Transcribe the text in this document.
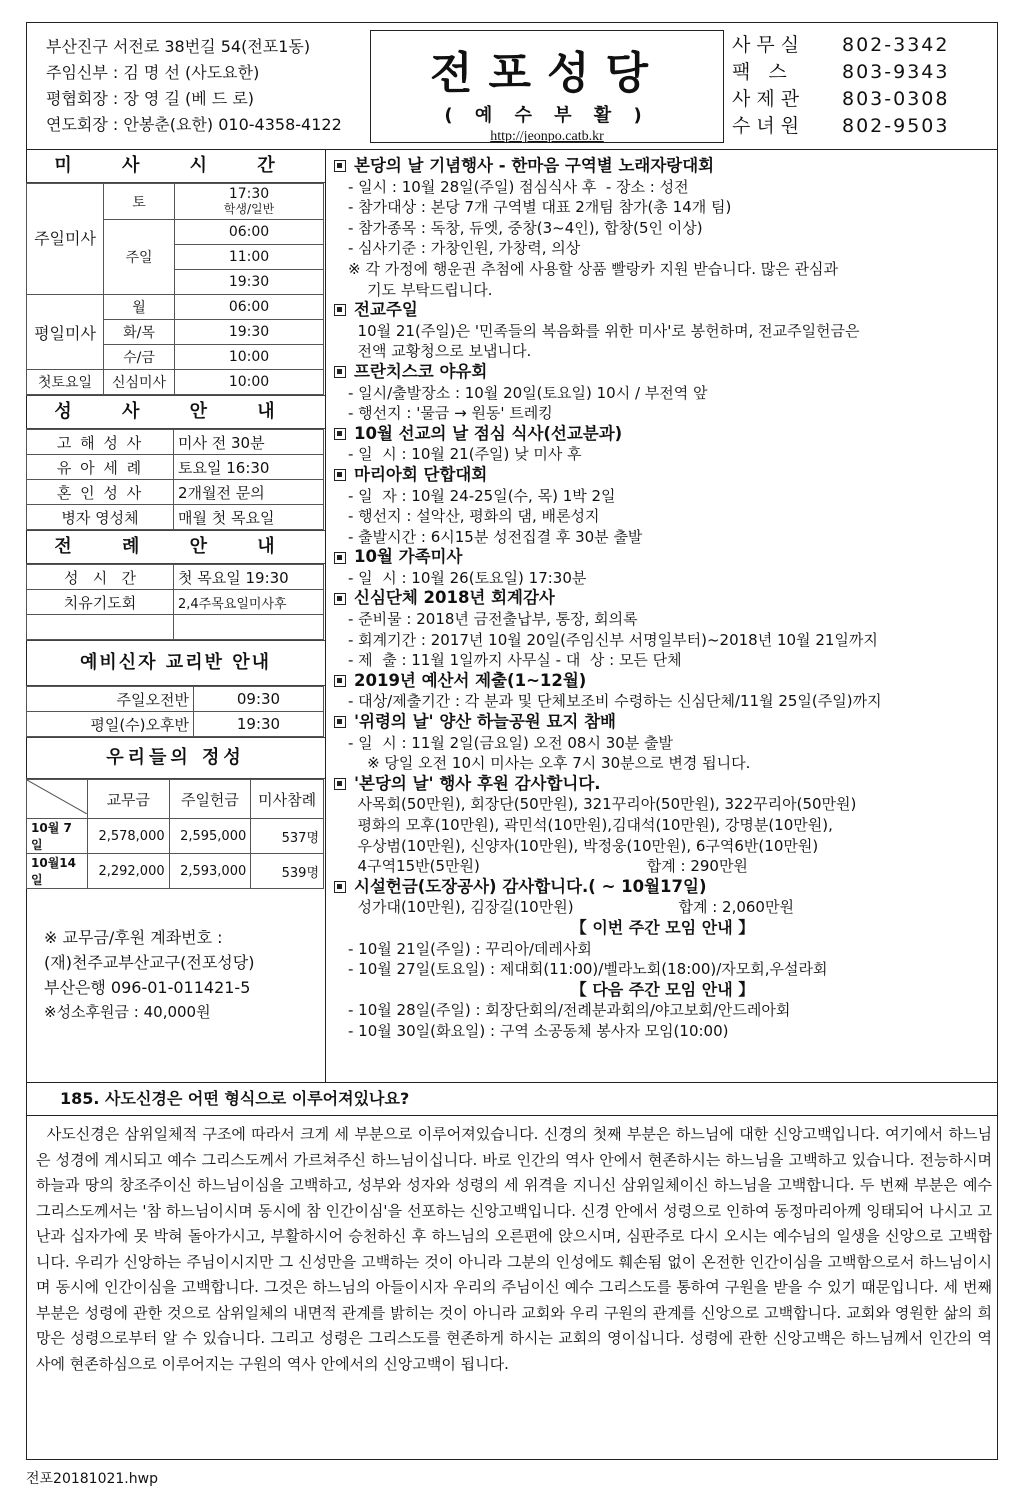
부산진구 서전로 38번길 54(전포1동)
주임신부 : 김 명 선 (사도요한)
평협회장 : 장 영 길 (베 드 로)
연도회장 : 안봉춘(요한) 010-4358-4122
전포성당
( 예 수 부 활 )
http://jeonpo.catb.kr
사무실	802-3342
팩 스	803-9343
사제관	803-0308
수녀원	802-9503
미 사 시 간
주일미사	토	17:30
학생/일반

	주일	06:00
		11:00
		19:30
평일미사	월	06:00
	화/목	19:30
	수/금	10:00
첫토요일	신심미사	10:00
성 사 안 내
고 해 성 사	미사 전 30분
유 아 세 례	토요일 16:30
혼 인 성 사	2개월전 문의
병자 영성체	매월 첫 목요일
전 례 안 내
성   시   간	첫 목요일 19:30
치유기도회	2,4주목요일미사후

예비신자 교리반 안내
주일오전반	09:30
평일(수)오후반	19:30
우리들의 정성
	교무금	주일헌금	미사참례
10월 7일	2,578,000	2,595,000	537명
10월14일	2,292,000	2,593,000	539명
※ 교무금/후원 계좌번호 :
(재)천주교부산교구(전포성당)
부산은행 096-01-011421-5
※성소후원금 : 40,000원
본당의 날 기념행사 - 한마음 구역별 노래자랑대회
- 일시 : 10월 28일(주일) 점심식사 후  - 장소 : 성전
- 참가대상 : 본당 7개 구역별 대표 2개팀 참가(총 14개 팀)
- 참가종목 : 독창, 듀엣, 중창(3~4인), 합창(5인 이상)
- 심사기준 : 가창인원, 가창력, 의상
※ 각 가정에 행운권 추첨에 사용할 상품 빨랑카 지원 받습니다. 많은 관심과
기도 부탁드립니다.
전교주일
10월 21(주일)은 '민족들의 복음화를 위한 미사'로 봉헌하며, 전교주일헌금은
전액 교황청으로 보냅니다.
프란치스코 야유회
- 일시/출발장소 : 10월 20일(토요일) 10시 / 부전역 앞
- 행선지 : '물금 → 원동' 트레킹
10월 선교의 날 점심 식사(선교분과)
- 일  시 : 10월 21(주일) 낮 미사 후
마리아회 단합대회
- 일  자 : 10월 24-25일(수, 목) 1박 2일
- 행선지 : 설악산, 평화의 댐, 배론성지
- 출발시간 : 6시15분 성전집결 후 30분 출발
10월 가족미사
- 일  시 : 10월 26(토요일) 17:30분
신심단체 2018년 회계감사
- 준비물 : 2018년 금전출납부, 통장, 회의록
- 회계기간 : 2017년 10월 20일(주임신부 서명일부터)~2018년 10월 21일까지
- 제  출 : 11월 1일까지 사무실 - 대  상 : 모든 단체
2019년 예산서 제출(1~12월)
- 대상/제출기간 : 각 분과 및 단체보조비 수령하는 신심단체/11월 25일(주일)까지
'위령의 날' 양산 하늘공원 묘지 참배
- 일  시 : 11월 2일(금요일) 오전 08시 30분 출발
※ 당일 오전 10시 미사는 오후 7시 30분으로 변경 됩니다.
'본당의 날' 행사 후원 감사합니다.
사목회(50만원), 회장단(50만원), 321꾸리아(50만원), 322꾸리아(50만원)
평화의 모후(10만원), 곽민석(10만원),김대석(10만원), 강명분(10만원),
우상범(10만원), 신양자(10만원), 박정웅(10만원), 6구역6반(10만원)
4구역15반(5만원)                                   합계 : 290만원
시설헌금(도장공사) 감사합니다.( ~ 10월17일)
성가대(10만원), 김장길(10만원)                      합계 : 2,060만원
【 이번 주간 모임 안내 】
- 10월 21일(주일) : 꾸리아/데레사회
- 10월 27일(토요일) : 제대회(11:00)/벨라노회(18:00)/자모회,우설라회
【 다음 주간 모임 안내 】
- 10월 28일(주일) : 회장단회의/전례분과회의/야고보회/안드레아회
- 10월 30일(화요일) : 구역 소공동체 봉사자 모임(10:00)
185. 사도신경은 어떤 형식으로 이루어져있나요?
사도신경은 삼위일체적 구조에 따라서 크게 세 부분으로 이루어져있습니다. 신경의 첫째 부분은 하느님에 대한 신앙고백입니다. 여기에서 하느님은 성경에 계시되고 예수 그리스도께서 가르쳐주신 하느님이십니다. 바로 인간의 역사 안에서 현존하시는 하느님을 고백하고 있습니다. 전능하시며 하늘과 땅의 창조주이신 하느님이심을 고백하고, 성부와 성자와 성령의 세 위격을 지니신 삼위일체이신 하느님을 고백합니다. 두 번째 부분은 예수 그리스도께서는 '참 하느님이시며 동시에 참 인간이심'을 선포하는 신앙고백입니다. 신경 안에서 성령으로 인하여 동정마리아께 잉태되어 나시고 고난과 십자가에 못 박혀 돌아가시고, 부활하시어 승천하신 후 하느님의 오른편에 앉으시며, 심판주로 다시 오시는 예수님의 일생을 신앙으로 고백합니다. 우리가 신앙하는 주님이시지만 그 신성만을 고백하는 것이 아니라 그분의 인성에도 훼손됨 없이 온전한 인간이심을 고백함으로서 하느님이시며 동시에 인간이심을 고백합니다. 그것은 하느님의 아들이시자 우리의 주님이신 예수 그리스도를 통하여 구원을 받을 수 있기 때문입니다. 세 번째 부분은 성령에 관한 것으로 삼위일체의 내면적 관계를 밝히는 것이 아니라 교회와 우리 구원의 관계를 신앙으로 고백합니다. 교회와 영원한 삶의 희망은 성령으로부터 알 수 있습니다. 그리고 성령은 그리스도를 현존하게 하시는 교회의 영이십니다. 성령에 관한 신앙고백은 하느님께서 인간의 역사에 현존하심으로 이루어지는 구원의 역사 안에서의 신앙고백이 됩니다.
전포20181021.hwp
